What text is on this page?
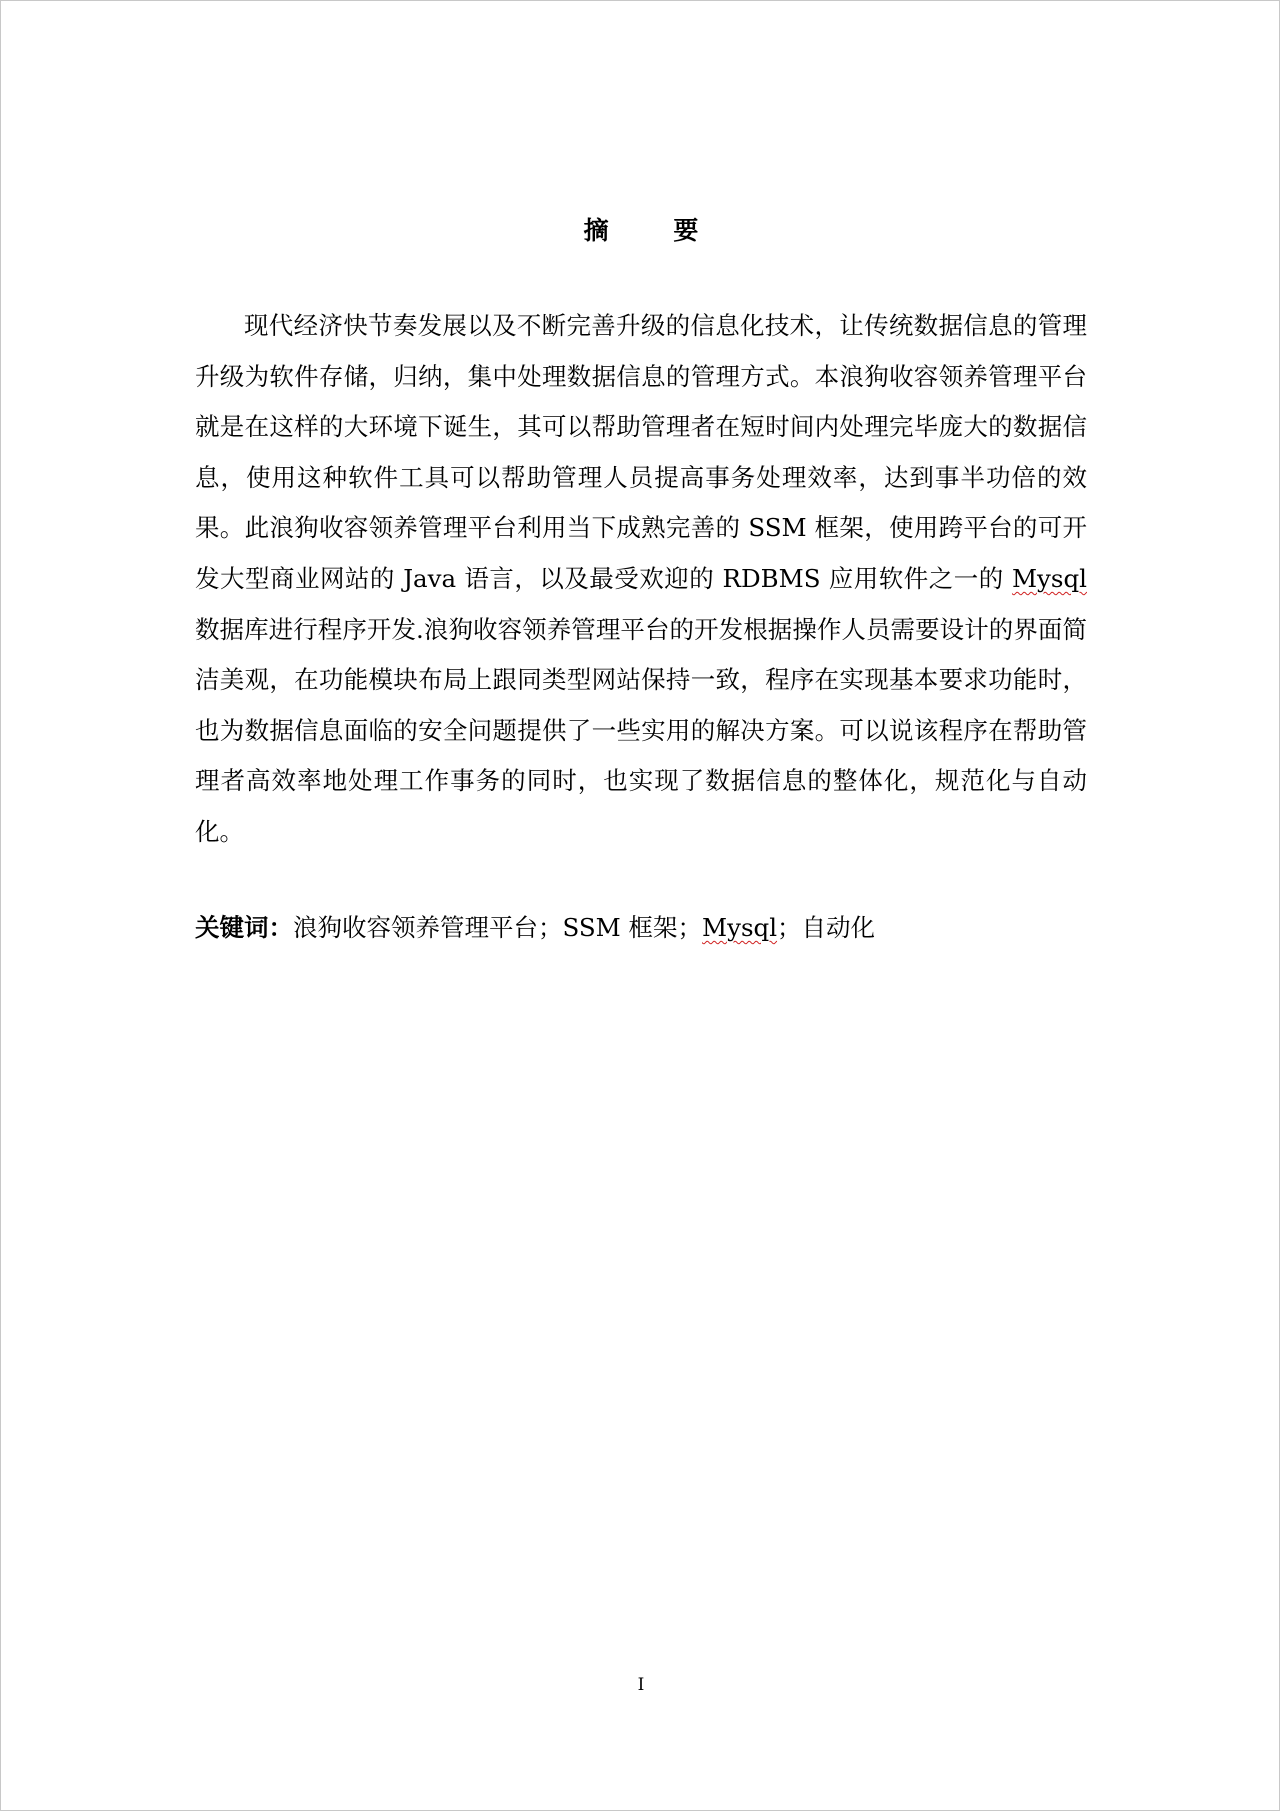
摘 要

现代经济快节奏发展以及不断完善升级的信息化技术，让传统数据信息的管理升级为软件存储，归纳，集中处理数据信息的管理方式。本浪狗收容领养管理平台就是在这样的大环境下诞生，其可以帮助管理者在短时间内处理完毕庞大的数据信息，使用这种软件工具可以帮助管理人员提高事务处理效率，达到事半功倍的效果。此浪狗收容领养管理平台利用当下成熟完善的 SSM 框架，使用跨平台的可开发大型商业网站的 Java 语言，以及最受欢迎的 RDBMS 应用软件之一的 Mysql 数据库进行程序开发.浪狗收容领养管理平台的开发根据操作人员需要设计的界面简洁美观，在功能模块布局上跟同类型网站保持一致，程序在实现基本要求功能时，也为数据信息面临的安全问题提供了一些实用的解决方案。可以说该程序在帮助管理者高效率地处理工作事务的同时，也实现了数据信息的整体化，规范化与自动化。

关键词：浪狗收容领养管理平台；SSM 框架；Mysql；自动化

I
